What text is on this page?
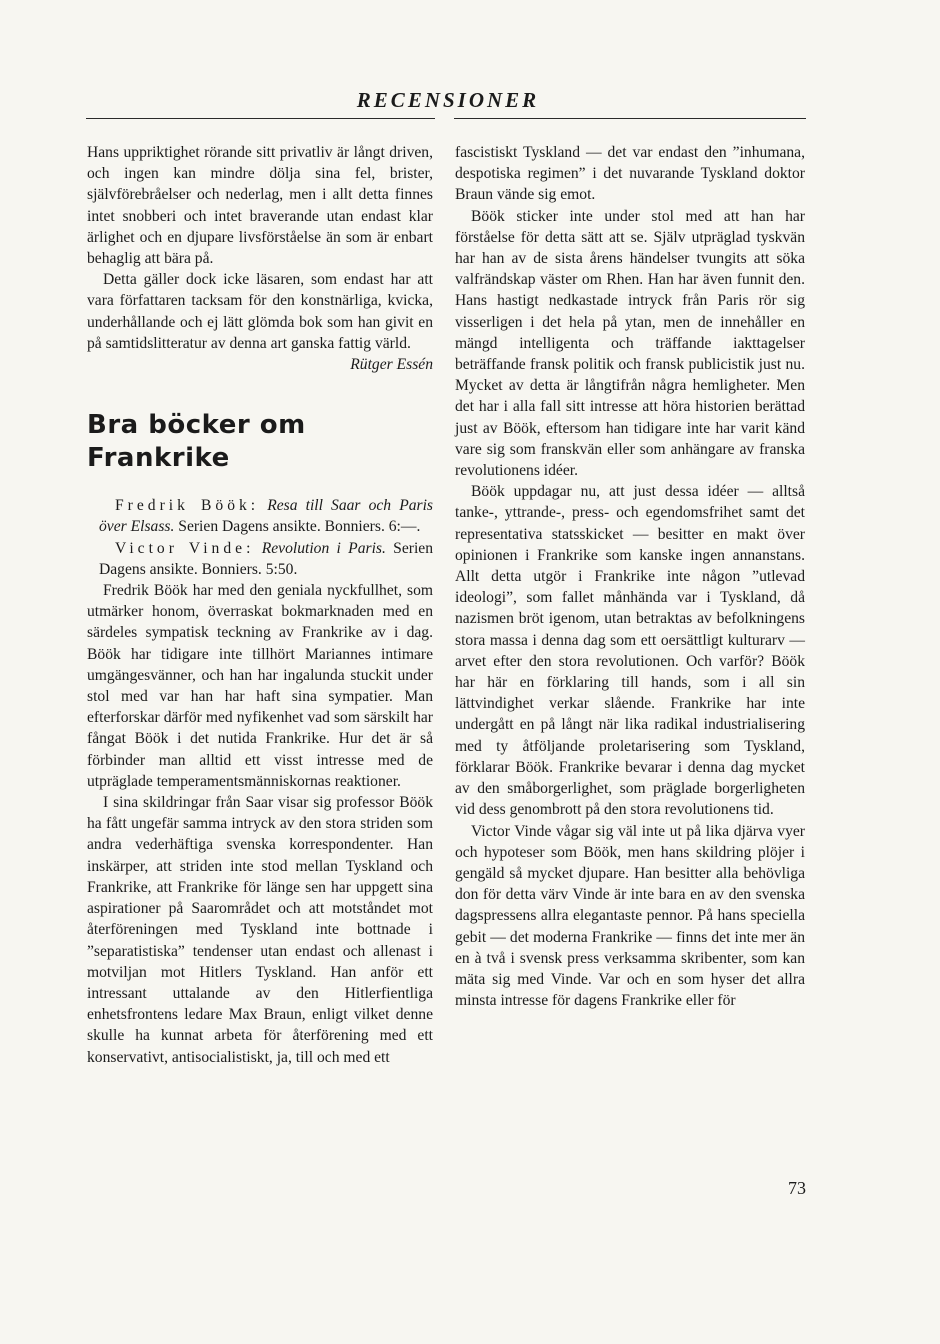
RECENSIONER

Hans uppriktighet rörande sitt privatliv är långt driven, och ingen kan mindre dölja sina fel, brister, självförebråelser och nederlag, men i allt detta finnes intet snobberi och intet braverande utan endast klar ärlighet och en djupare livsförståelse än som är enbart behaglig att bära på.

Detta gäller dock icke läsaren, som endast har att vara författaren tacksam för den konstnärliga, kvicka, underhållande och ej lätt glömda bok som han givit en på samtidslitteratur av denna art ganska fattig värld.

Rütger Essén

Bra böcker om
Frankrike

Fredrik Böök: Resa till Saar och Paris över Elsass. Serien Dagens ansikte. Bonniers. 6:—.

Victor Vinde: Revolution i Paris. Serien Dagens ansikte. Bonniers. 5:50.

Fredrik Böök har med den geniala nyckfullhet, som utmärker honom, överraskat bokmarknaden med en särdeles sympatisk teckning av Frankrike av i dag. Böök har tidigare inte tillhört Mariannes intimare umgängesvänner, och han har ingalunda stuckit under stol med var han har haft sina sympatier. Man efterforskar därför med nyfikenhet vad som särskilt har fångat Böök i det nutida Frankrike. Hur det är så förbinder man alltid ett visst intresse med de utpräglade temperamentsmänniskornas reaktioner.

I sina skildringar från Saar visar sig professor Böök ha fått ungefär samma intryck av den stora striden som andra vederhäftiga svenska korrespondenter. Han inskärper, att striden inte stod mellan Tyskland och Frankrike, att Frankrike för länge sen har uppgett sina aspirationer på Saarområdet och att motståndet mot återföreningen med Tyskland inte bottnade i ”separatistiska” tendenser utan endast och allenast i motviljan mot Hitlers Tyskland. Han anför ett intressant uttalande av den Hitlerfientliga enhetsfrontens ledare Max Braun, enligt vilket denne skulle ha kunnat arbeta för återförening med ett konservativt, antisocialistiskt, ja, till och med ett

fascistiskt Tyskland — det var endast den ”inhumana, despotiska regimen” i det nuvarande Tyskland doktor Braun vände sig emot.

Böök sticker inte under stol med att han har förståelse för detta sätt att se. Själv utpräglad tyskvän har han av de sista årens händelser tvungits att söka valfrändskap väster om Rhen. Han har även funnit den. Hans hastigt nedkastade intryck från Paris rör sig visserligen i det hela på ytan, men de innehåller en mängd intelligenta och träffande iakttagelser beträffande fransk politik och fransk publicistik just nu. Mycket av detta är långtifrån några hemligheter. Men det har i alla fall sitt intresse att höra historien berättad just av Böök, eftersom han tidigare inte har varit känd vare sig som franskvän eller som anhängare av franska revolutionens idéer.

Böök uppdagar nu, att just dessa idéer — alltså tanke-, yttrande-, press- och egendomsfrihet samt det representativa statsskicket — besitter en makt över opinionen i Frankrike som kanske ingen annanstans. Allt detta utgör i Frankrike inte någon ”utlevad ideologi”, som fallet månhända var i Tyskland, då nazismen bröt igenom, utan betraktas av befolkningens stora massa i denna dag som ett oersättligt kulturarv — arvet efter den stora revolutionen. Och varför? Böök har här en förklaring till hands, som i all sin lättvindighet verkar slående. Frankrike har inte undergått en på långt när lika radikal industrialisering med ty åtföljande proletarisering som Tyskland, förklarar Böök. Frankrike bevarar i denna dag mycket av den småborgerlighet, som präglade borgerligheten vid dess genombrott på den stora revolutionens tid.

Victor Vinde vågar sig väl inte ut på lika djärva vyer och hypoteser som Böök, men hans skildring plöjer i gengäld så mycket djupare. Han besitter alla behövliga don för detta värv Vinde är inte bara en av den svenska dagspressens allra elegantaste pennor. På hans speciella gebit — det moderna Frankrike — finns det inte mer än en à två i svensk press verksamma skribenter, som kan mäta sig med Vinde. Var och en som hyser det allra minsta intresse för dagens Frankrike eller för

73
